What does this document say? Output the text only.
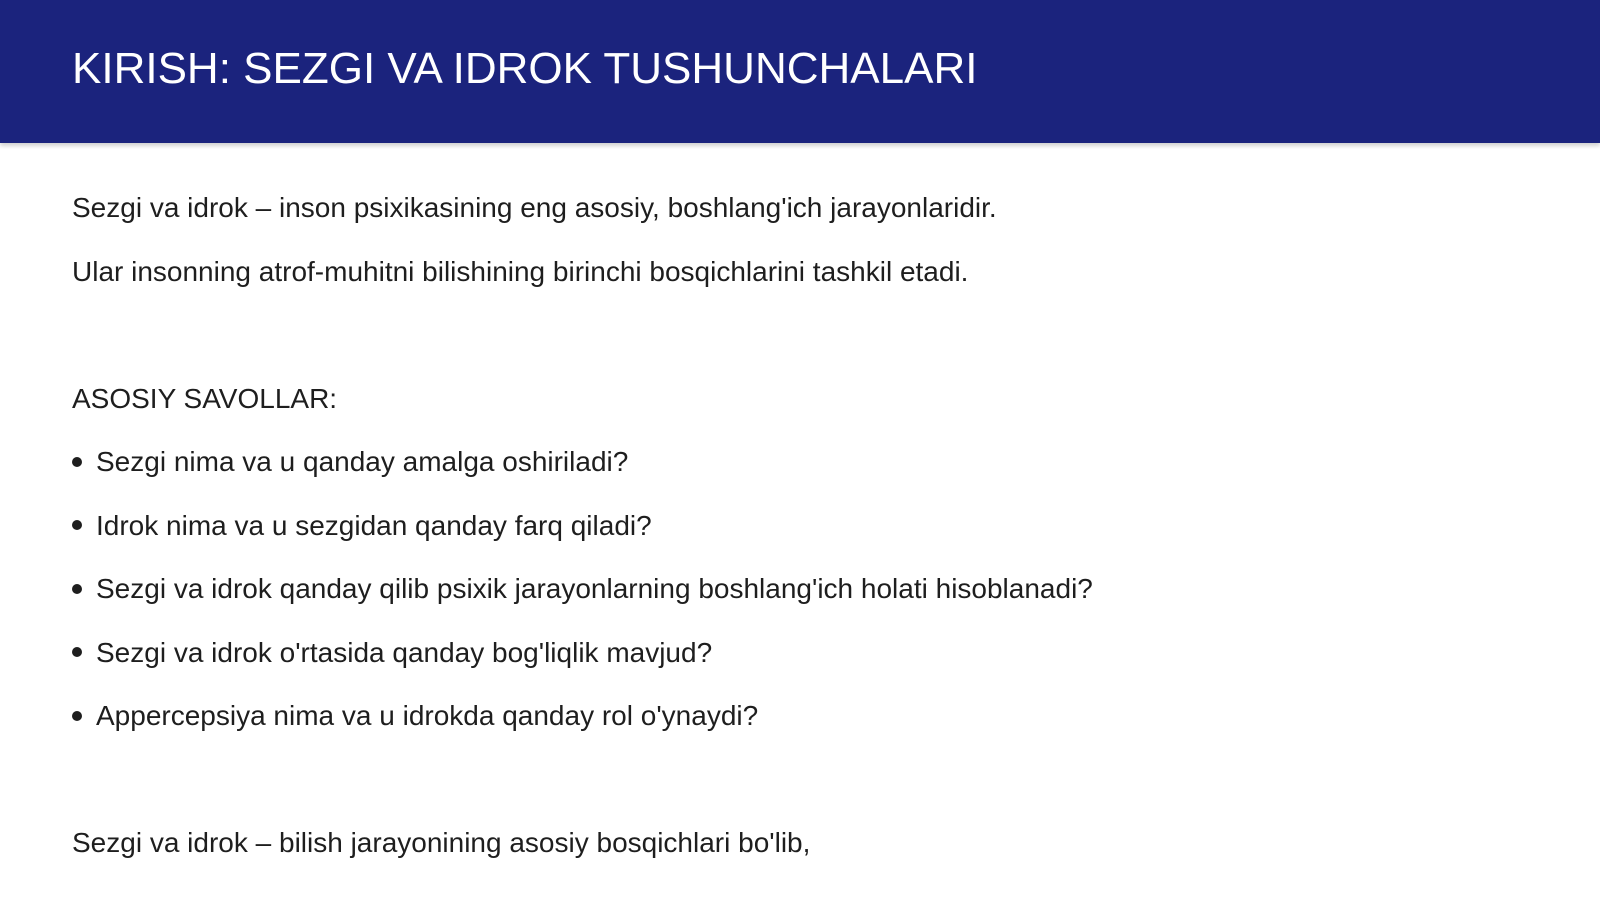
KIRISH: SEZGI VA IDROK TUSHUNCHALARI

Sezgi va idrok – inson psixikasining eng asosiy, boshlang'ich jarayonlaridir.

Ular insonning atrof-muhitni bilishining birinchi bosqichlarini tashkil etadi.

ASOSIY SAVOLLAR:

Sezgi nima va u qanday amalga oshiriladi?

Idrok nima va u sezgidan qanday farq qiladi?

Sezgi va idrok qanday qilib psixik jarayonlarning boshlang'ich holati hisoblanadi?

Sezgi va idrok o'rtasida qanday bog'liqlik mavjud?

Appercepsiya nima va u idrokda qanday rol o'ynaydi?

Sezgi va idrok – bilish jarayonining asosiy bosqichlari bo'lib,
